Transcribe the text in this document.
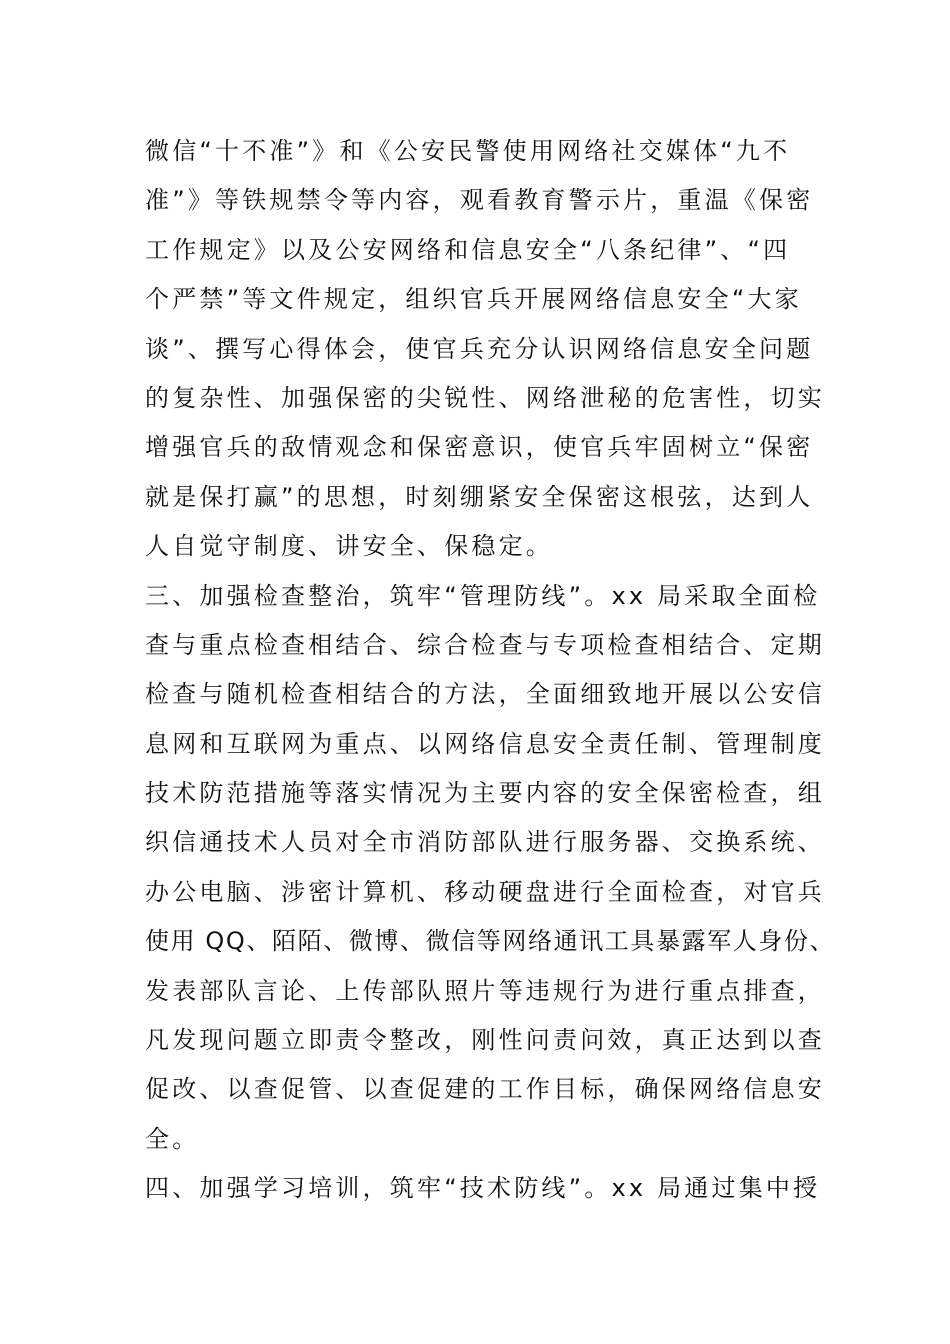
微信“十不准”》和《公安民警使用网络社交媒体“九不
准”》等铁规禁令等内容，观看教育警示片，重温《保密
工作规定》以及公安网络和信息安全“八条纪律”、“四
个严禁”等文件规定，组织官兵开展网络信息安全“大家
谈”、撰写心得体会，使官兵充分认识网络信息安全问题
的复杂性、加强保密的尖锐性、网络泄秘的危害性，切实
增强官兵的敌情观念和保密意识，使官兵牢固树立“保密
就是保打赢”的思想，时刻绷紧安全保密这根弦，达到人
人自觉守制度、讲安全、保稳定。
三、加强检查整治，筑牢“管理防线”。xx 局采取全面检
查与重点检查相结合、综合检查与专项检查相结合、定期
检查与随机检查相结合的方法，全面细致地开展以公安信
息网和互联网为重点、以网络信息安全责任制、管理制度
技术防范措施等落实情况为主要内容的安全保密检查，组
织信通技术人员对全市消防部队进行服务器、交换系统、
办公电脑、涉密计算机、移动硬盘进行全面检查，对官兵
使用 QQ、陌陌、微博、微信等网络通讯工具暴露军人身份、
发表部队言论、上传部队照片等违规行为进行重点排查，
凡发现问题立即责令整改，刚性问责问效，真正达到以查
促改、以查促管、以查促建的工作目标，确保网络信息安
全。
四、加强学习培训，筑牢“技术防线”。xx 局通过集中授
